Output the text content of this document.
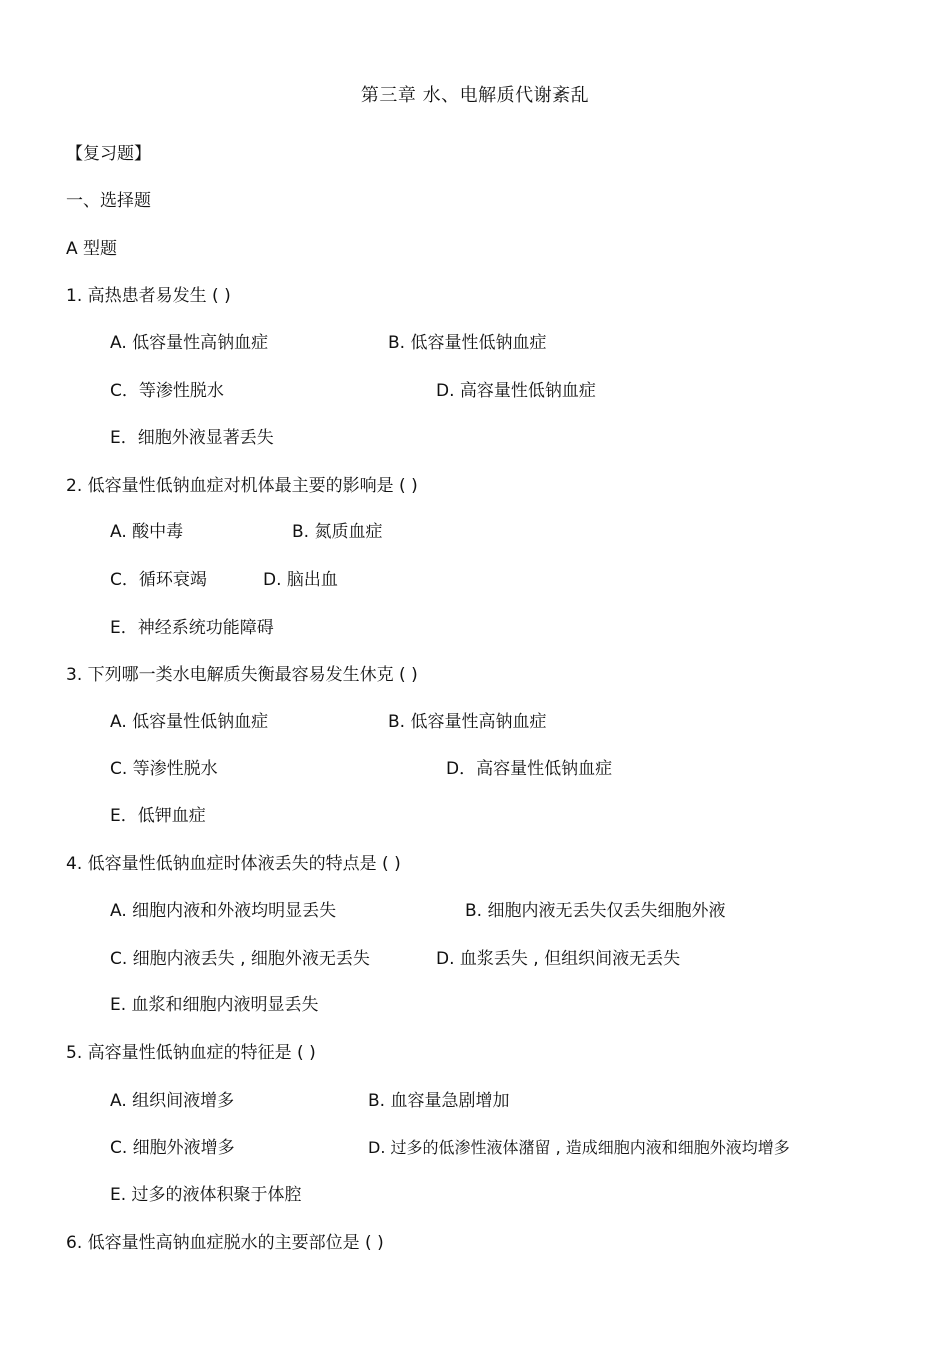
第三章 水、电解质代谢紊乱
【复习题】
一、选择题
A 型题
1. 高热患者易发生 ( )
A. 低容量性高钠血症	B. 低容量性低钠血症
C．等渗性脱水	D. 高容量性低钠血症
E．细胞外液显著丢失
2. 低容量性低钠血症对机体最主要的影响是 ( )
A. 酸中毒	B. 氮质血症
C．循环衰竭	D. 脑出血
E．神经系统功能障碍
3. 下列哪一类水电解质失衡最容易发生休克 ( )
A. 低容量性低钠血症	B. 低容量性高钠血症
C. 等渗性脱水	D．高容量性低钠血症
E．低钾血症
4. 低容量性低钠血症时体液丢失的特点是 ( )
A. 细胞内液和外液均明显丢失	B. 细胞内液无丢失仅丢失细胞外液
C. 细胞内液丢失 , 细胞外液无丢失	D. 血浆丢失 , 但组织间液无丢失
E. 血浆和细胞内液明显丢失
5. 高容量性低钠血症的特征是 ( )
A. 组织间液增多	B. 血容量急剧增加
C. 细胞外液增多	D. 过多的低渗性液体潴留 , 造成细胞内液和细胞外液均增多
E. 过多的液体积聚于体腔
6. 低容量性高钠血症脱水的主要部位是 ( )
